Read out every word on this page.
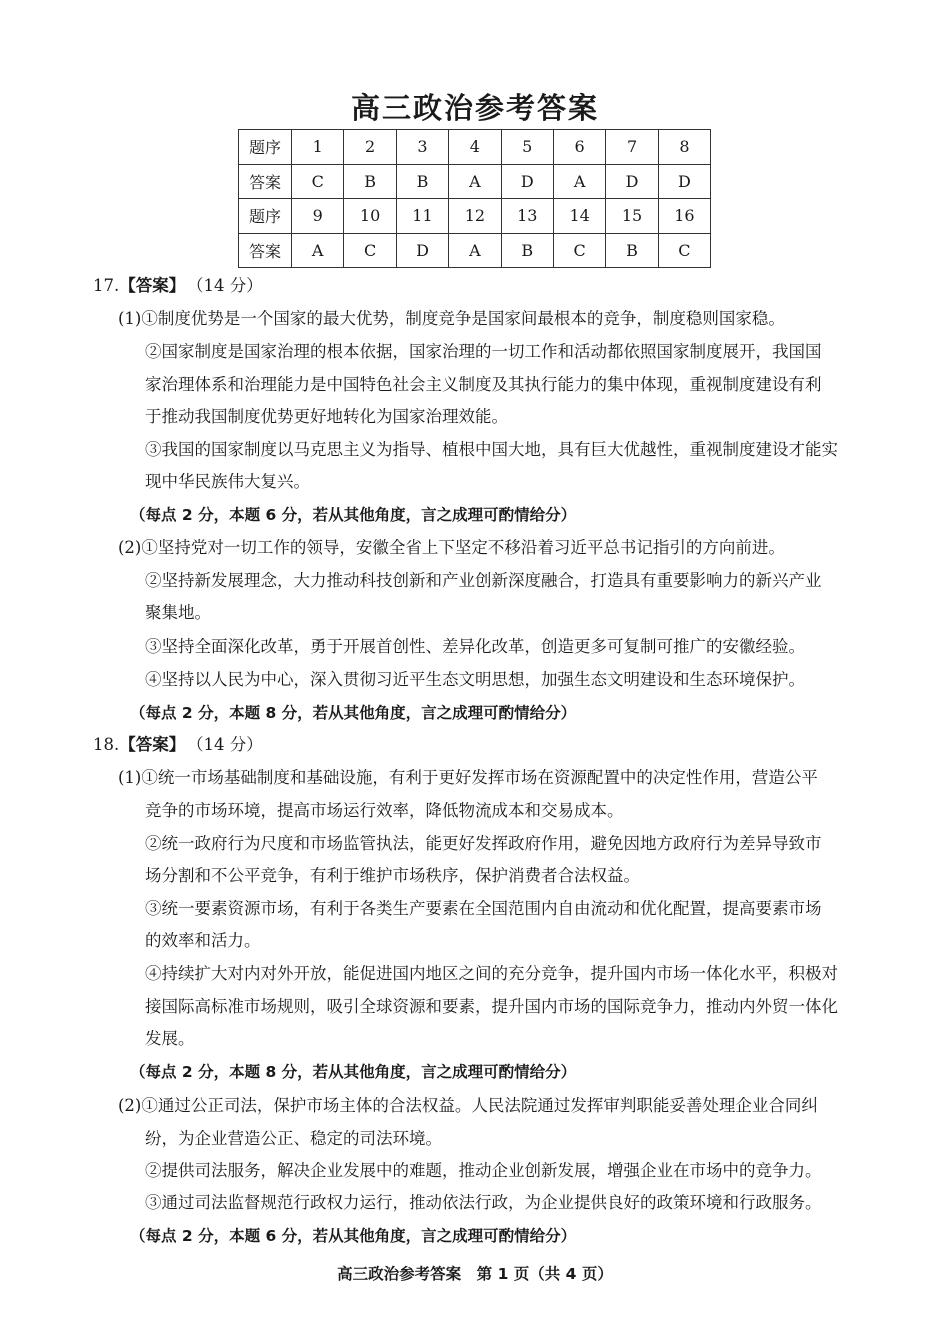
高三政治参考答案
题序	1	2	3	4	5	6	7	8
答案	C	B	B	A	D	A	D	D
题序	9	10	11	12	13	14	15	16
答案	A	C	D	A	B	C	B	C
17.【答案】 （14 分）
(1)①制度优势是一个国家的最大优势，制度竞争是国家间最根本的竞争，制度稳则国家稳。
②国家制度是国家治理的根本依据，国家治理的一切工作和活动都依照国家制度展开，我国国
家治理体系和治理能力是中国特色社会主义制度及其执行能力的集中体现，重视制度建设有利
于推动我国制度优势更好地转化为国家治理效能。
③我国的国家制度以马克思主义为指导、植根中国大地，具有巨大优越性，重视制度建设才能实
现中华民族伟大复兴。
（每点 2 分，本题 6 分，若从其他角度，言之成理可酌情给分）
(2)①坚持党对一切工作的领导，安徽全省上下坚定不移沿着习近平总书记指引的方向前进。
②坚持新发展理念，大力推动科技创新和产业创新深度融合，打造具有重要影响力的新兴产业
聚集地。
③坚持全面深化改革，勇于开展首创性、差异化改革，创造更多可复制可推广的安徽经验。
④坚持以人民为中心，深入贯彻习近平生态文明思想，加强生态文明建设和生态环境保护。
（每点 2 分，本题 8 分，若从其他角度，言之成理可酌情给分）
18.【答案】 （14 分）
(1)①统一市场基础制度和基础设施，有利于更好发挥市场在资源配置中的决定性作用，营造公平
竞争的市场环境，提高市场运行效率，降低物流成本和交易成本。
②统一政府行为尺度和市场监管执法，能更好发挥政府作用，避免因地方政府行为差异导致市
场分割和不公平竞争，有利于维护市场秩序，保护消费者合法权益。
③统一要素资源市场，有利于各类生产要素在全国范围内自由流动和优化配置，提高要素市场
的效率和活力。
④持续扩大对内对外开放，能促进国内地区之间的充分竞争，提升国内市场一体化水平，积极对
接国际高标准市场规则，吸引全球资源和要素，提升国内市场的国际竞争力，推动内外贸一体化
发展。
（每点 2 分，本题 8 分，若从其他角度，言之成理可酌情给分）
(2)①通过公正司法，保护市场主体的合法权益。人民法院通过发挥审判职能妥善处理企业合同纠
纷，为企业营造公正、稳定的司法环境。
②提供司法服务，解决企业发展中的难题，推动企业创新发展，增强企业在市场中的竞争力。
③通过司法监督规范行政权力运行，推动依法行政，为企业提供良好的政策环境和行政服务。
（每点 2 分，本题 6 分，若从其他角度，言之成理可酌情给分）
高三政治参考答案　第 1 页（共 4 页）
